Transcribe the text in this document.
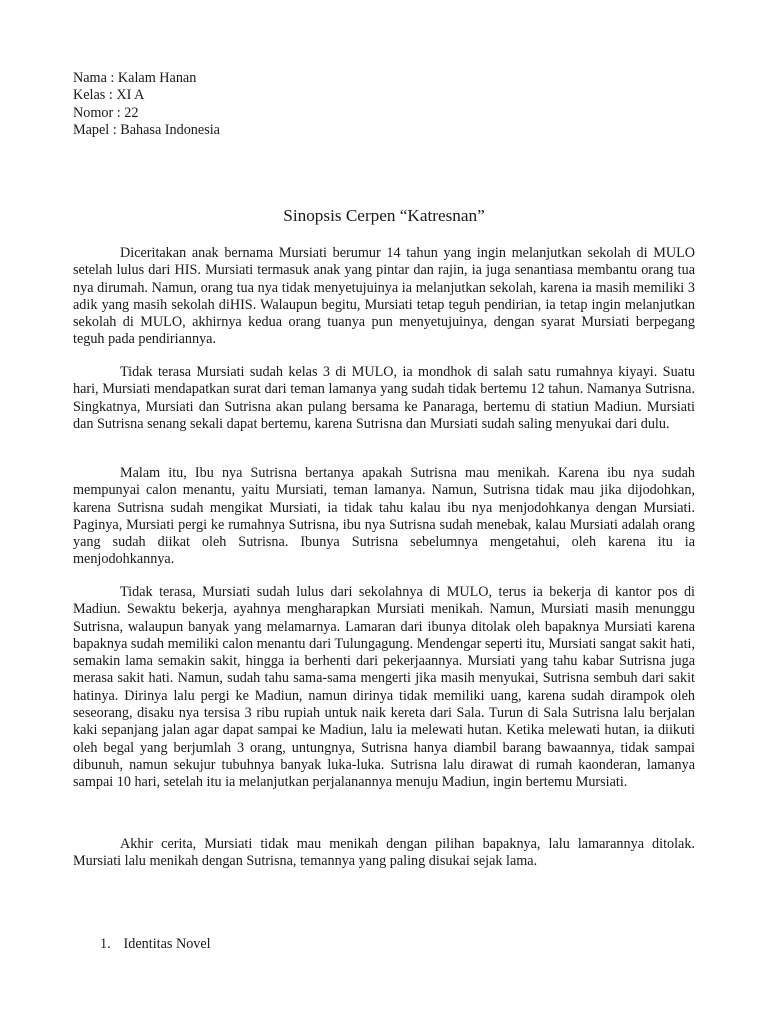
Nama : Kalam Hanan
Kelas : XI A
Nomor : 22
Mapel : Bahasa Indonesia
Sinopsis Cerpen “Katresnan”

Diceritakan anak bernama Mursiati berumur 14 tahun yang ingin melanjutkan sekolah di MULO setelah lulus dari HIS. Mursiati termasuk anak yang pintar dan rajin, ia juga senantiasa membantu orang tua nya dirumah. Namun, orang tua nya tidak menyetujuinya ia melanjutkan sekolah, karena ia masih memiliki 3 adik yang masih sekolah diHIS. Walaupun begitu, Mursiati tetap teguh pendirian, ia tetap ingin melanjutkan sekolah di MULO, akhirnya kedua orang tuanya pun menyetujuinya, dengan syarat Mursiati berpegang teguh pada pendiriannya.

Tidak terasa Mursiati sudah kelas 3 di MULO, ia mondhok di salah satu rumahnya kiyayi. Suatu hari, Mursiati mendapatkan surat dari teman lamanya yang sudah tidak bertemu 12 tahun. Namanya Sutrisna. Singkatnya, Mursiati dan Sutrisna akan pulang bersama ke Panaraga, bertemu di statiun Madiun. Mursiati dan Sutrisna senang sekali dapat bertemu, karena Sutrisna dan Mursiati sudah saling menyukai dari dulu.

Malam itu, Ibu nya Sutrisna bertanya apakah Sutrisna mau menikah. Karena ibu nya sudah mempunyai calon menantu, yaitu Mursiati, teman lamanya. Namun, Sutrisna tidak mau jika dijodohkan, karena Sutrisna sudah mengikat Mursiati, ia tidak tahu kalau ibu nya menjodohkanya dengan Mursiati. Paginya, Mursiati pergi ke rumahnya Sutrisna, ibu nya Sutrisna sudah menebak, kalau Mursiati adalah orang yang sudah diikat oleh Sutrisna. Ibunya Sutrisna sebelumnya mengetahui, oleh karena itu ia menjodohkannya.

Tidak terasa, Mursiati sudah lulus dari sekolahnya di MULO, terus ia bekerja di kantor pos di Madiun. Sewaktu bekerja, ayahnya mengharapkan Mursiati menikah. Namun, Mursiati masih menunggu Sutrisna, walaupun banyak yang melamarnya. Lamaran dari ibunya ditolak oleh bapaknya Mursiati karena bapaknya sudah memiliki calon menantu dari Tulungagung. Mendengar seperti itu, Mursiati sangat sakit hati, semakin lama semakin sakit, hingga ia berhenti dari pekerjaannya. Mursiati yang tahu kabar Sutrisna juga merasa sakit hati. Namun, sudah tahu sama-sama mengerti jika masih menyukai, Sutrisna sembuh dari sakit hatinya. Dirinya lalu pergi ke Madiun, namun dirinya tidak memiliki uang, karena sudah dirampok oleh seseorang, disaku nya tersisa 3 ribu rupiah untuk naik kereta dari Sala. Turun di Sala Sutrisna lalu berjalan kaki sepanjang jalan agar dapat sampai ke Madiun, lalu ia melewati hutan. Ketika melewati hutan, ia diikuti oleh begal yang berjumlah 3 orang, untungnya, Sutrisna hanya diambil barang bawaannya, tidak sampai dibunuh, namun sekujur tubuhnya banyak luka-luka. Sutrisna lalu dirawat di rumah kaonderan, lamanya sampai 10 hari, setelah itu ia melanjutkan perjalanannya menuju Madiun, ingin bertemu Mursiati.

Akhir cerita, Mursiati tidak mau menikah dengan pilihan bapaknya, lalu lamarannya ditolak. Mursiati lalu menikah dengan Sutrisna, temannya yang paling disukai sejak lama.

1. Identitas Novel
